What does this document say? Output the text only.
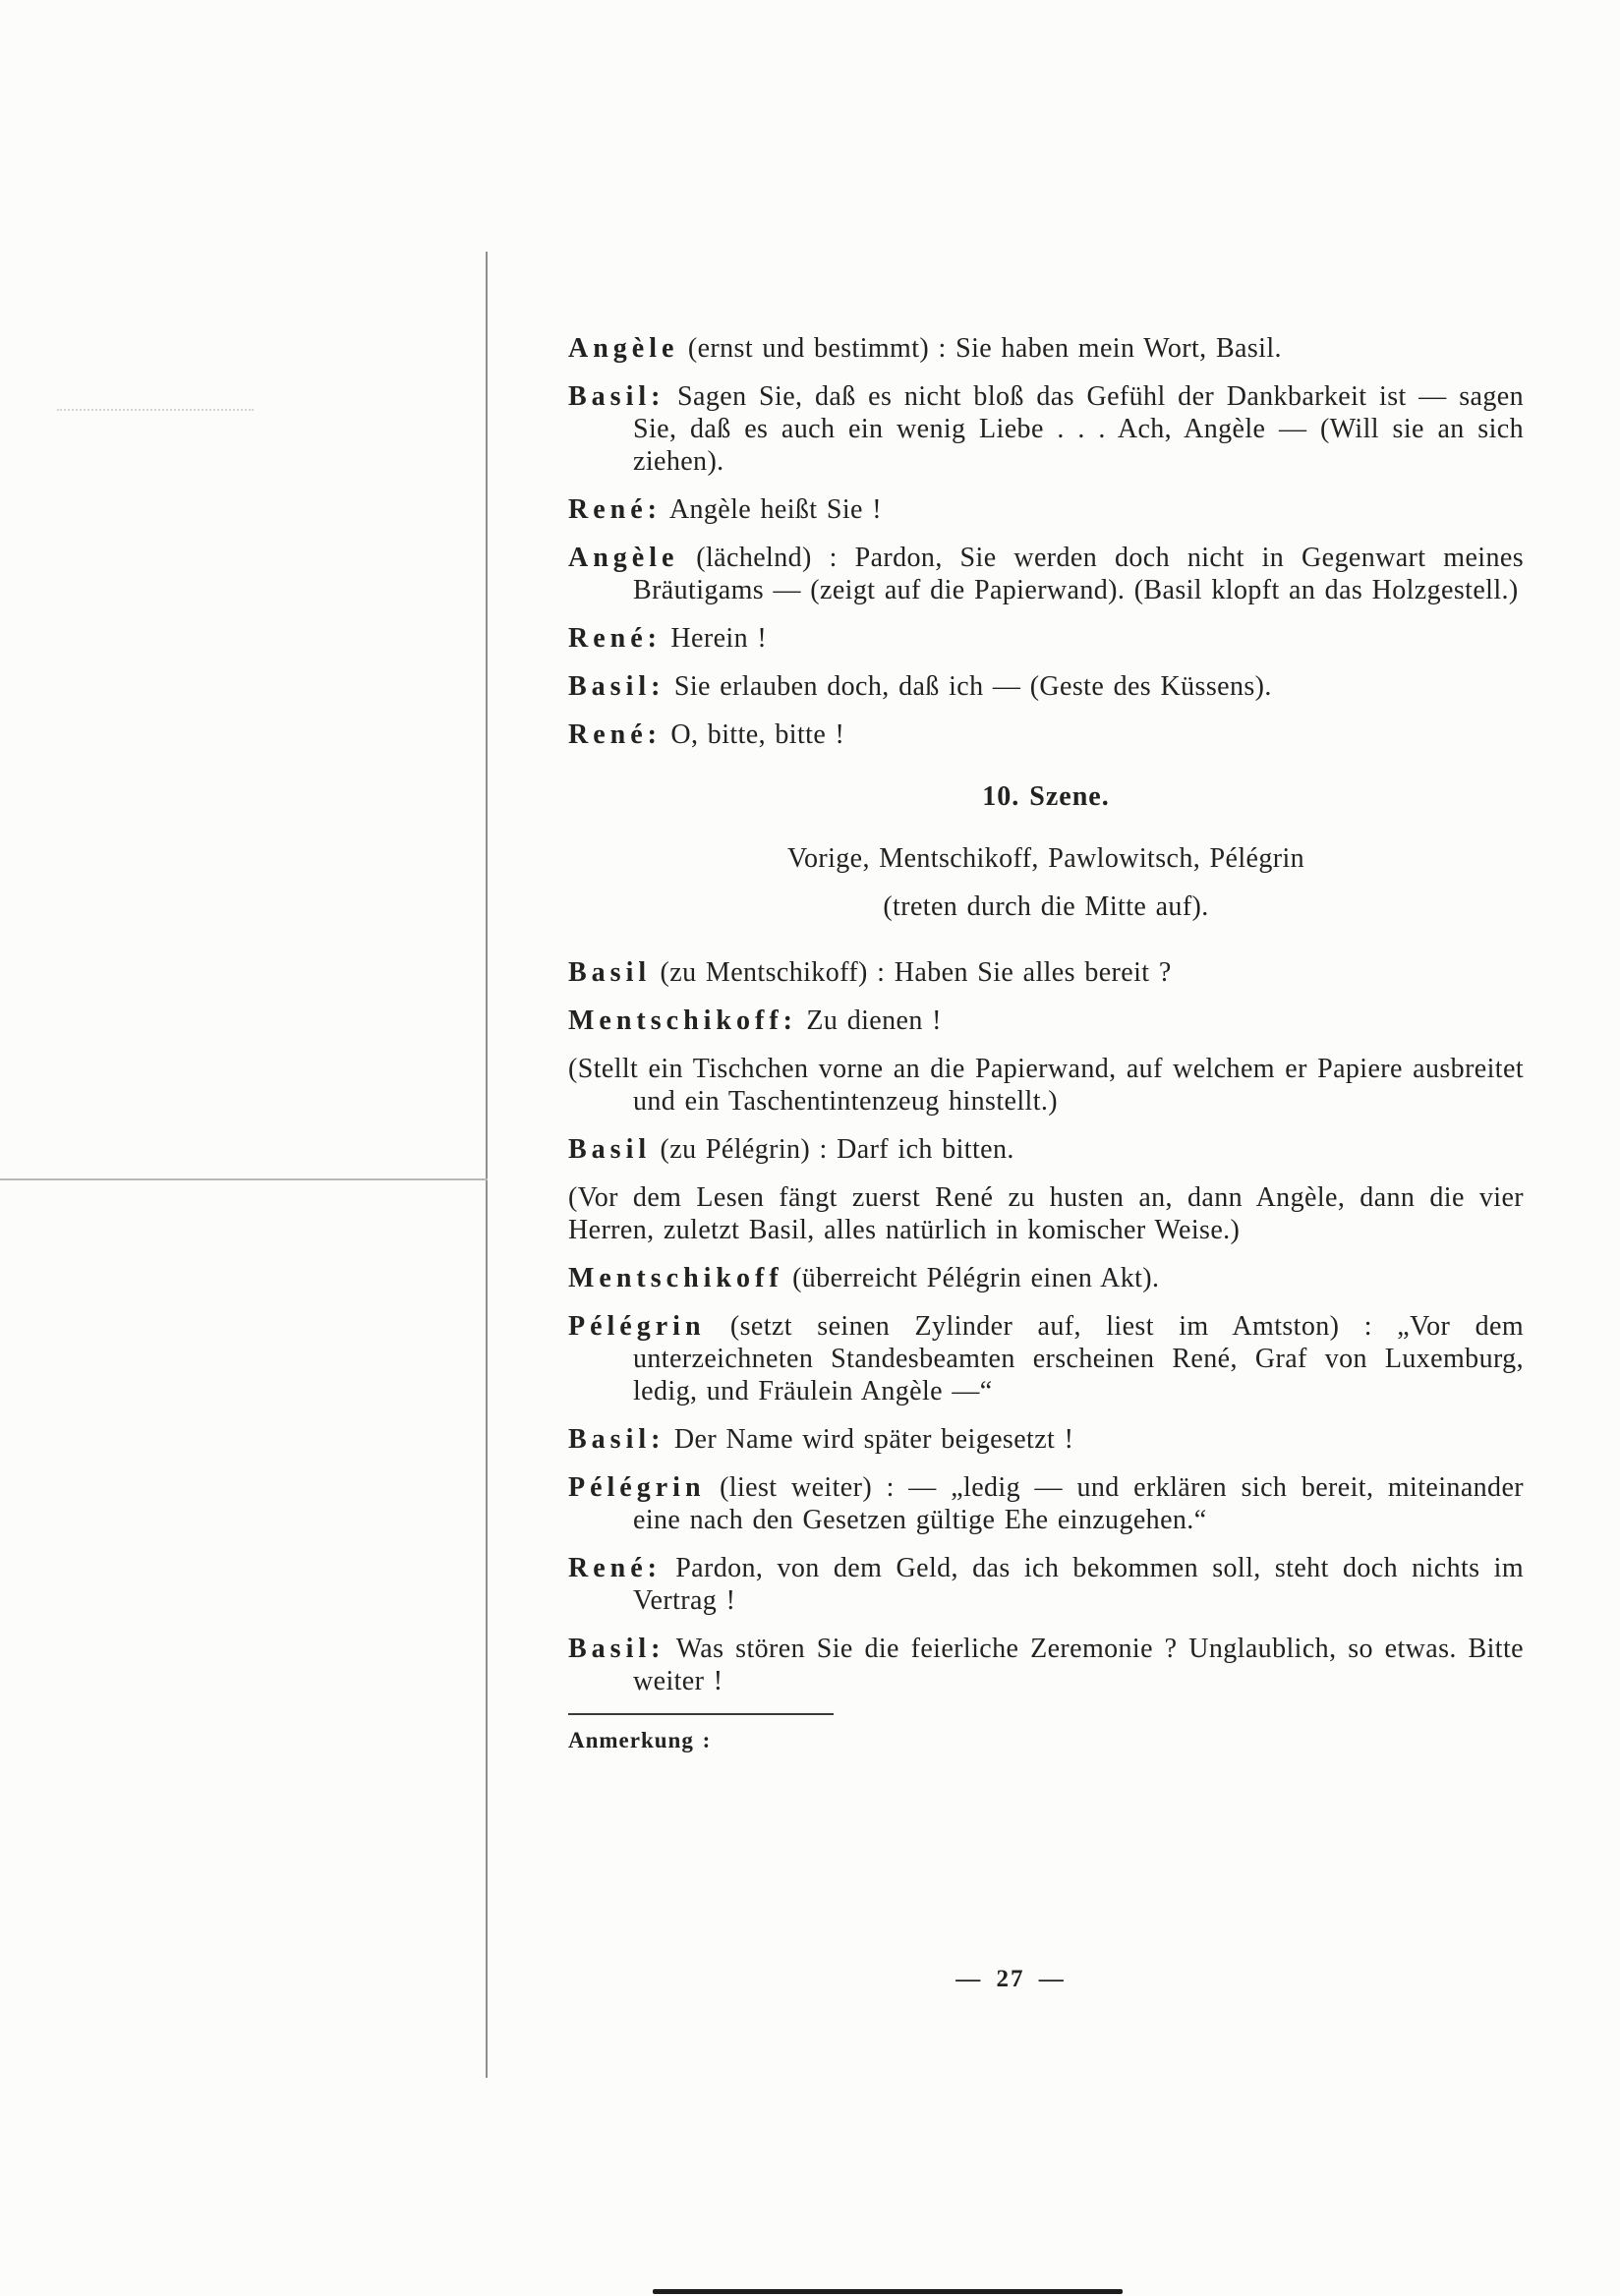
Angèle (ernst und bestimmt) : Sie haben mein Wort, Basil.

Basil: Sagen Sie, daß es nicht bloß das Gefühl der Dankbarkeit ist — sagen Sie, daß es auch ein wenig Liebe . . . Ach, Angèle — (Will sie an sich ziehen).

René: Angèle heißt Sie !

Angèle (lächelnd) : Pardon, Sie werden doch nicht in Gegenwart meines Bräutigams — (zeigt auf die Papierwand). (Basil klopft an das Holzgestell.)

René: Herein !

Basil: Sie erlauben doch, daß ich — (Geste des Küssens).

René: O, bitte, bitte !

10. Szene.

Vorige, Mentschikoff, Pawlowitsch, Pélégrin

(treten durch die Mitte auf).

Basil (zu Mentschikoff) : Haben Sie alles bereit ?

Mentschikoff: Zu dienen !

(Stellt ein Tischchen vorne an die Papierwand, auf welchem er Papiere ausbreitet und ein Taschentintenzeug hinstellt.)

Basil (zu Pélégrin) : Darf ich bitten.

(Vor dem Lesen fängt zuerst René zu husten an, dann Angèle, dann die vier Herren, zuletzt Basil, alles natürlich in komischer Weise.)

Mentschikoff (überreicht Pélégrin einen Akt).

Pélégrin (setzt seinen Zylinder auf, liest im Amtston) : „Vor dem unterzeichneten Standesbeamten erscheinen René, Graf von Luxemburg, ledig, und Fräulein Angèle —“

Basil: Der Name wird später beigesetzt !

Pélégrin (liest weiter) : — „ledig — und erklären sich bereit, miteinander eine nach den Gesetzen gültige Ehe einzugehen.“

René: Pardon, von dem Geld, das ich bekommen soll, steht doch nichts im Vertrag !

Basil: Was stören Sie die feierliche Zeremonie ? Unglaublich, so etwas. Bitte weiter !

Anmerkung :
— 27 —
